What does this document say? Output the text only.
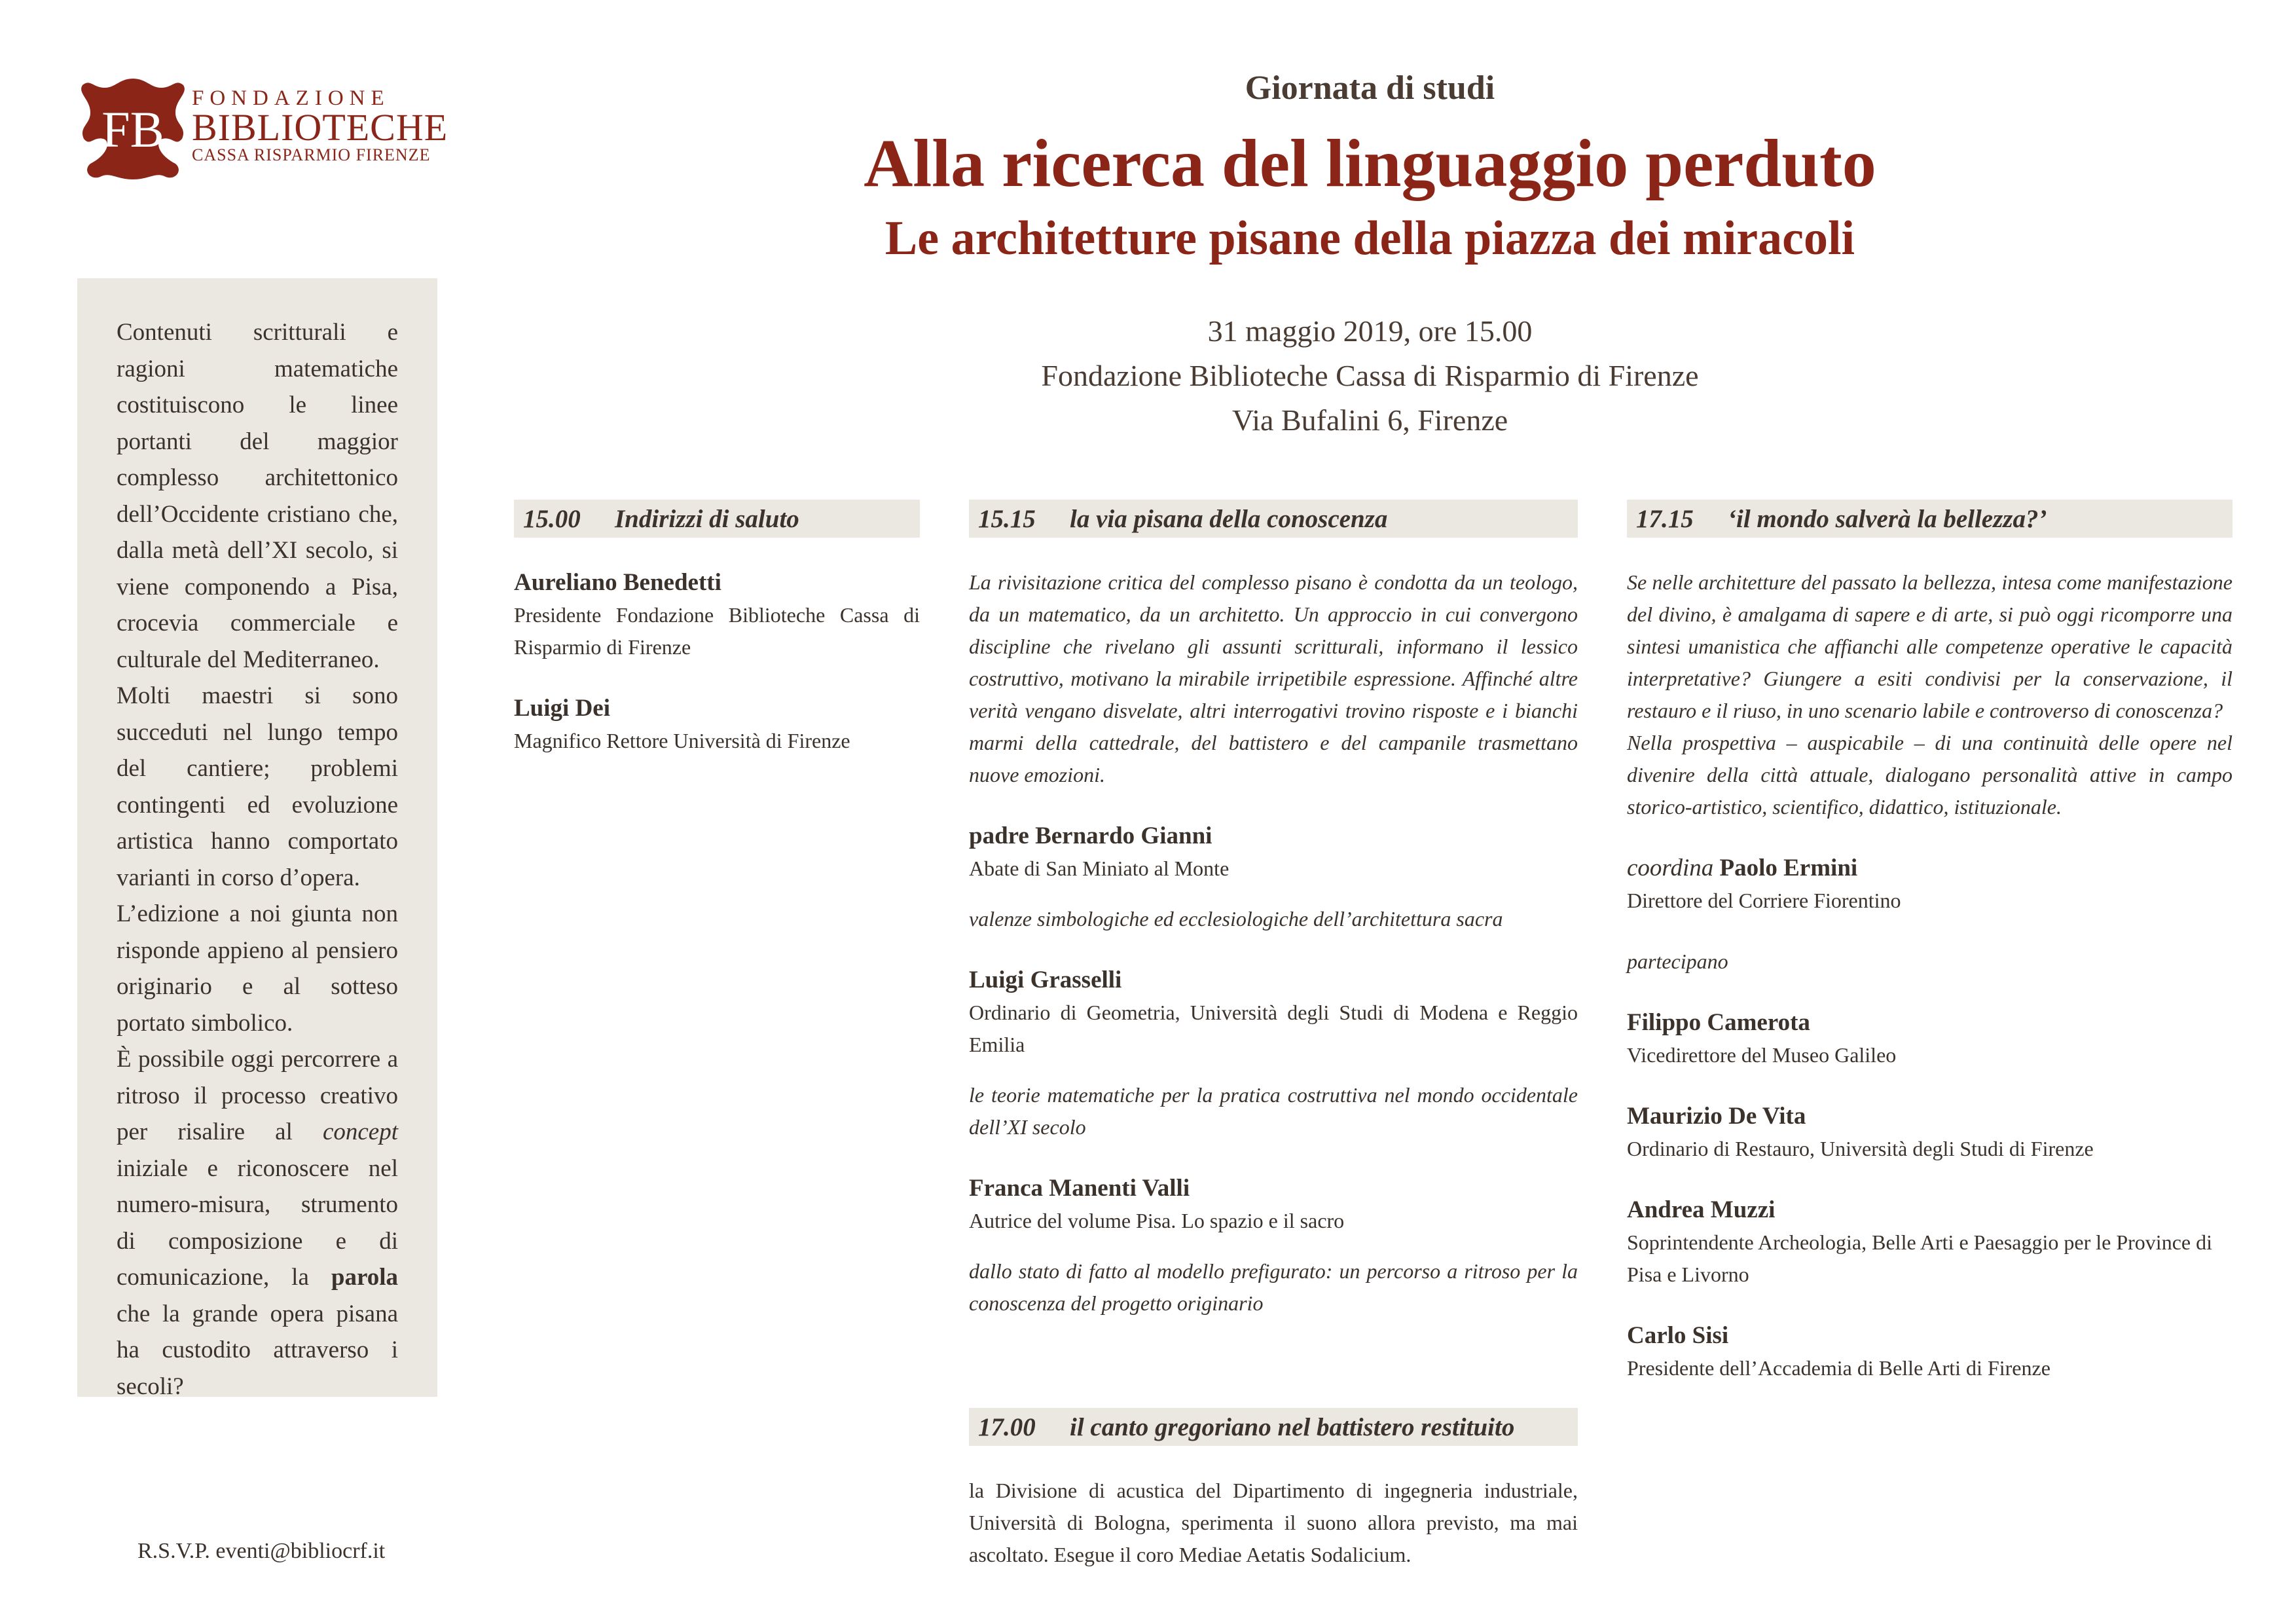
FB
FONDAZIONE
BIBLIOTECHE
CASSA RISPARMIO FIRENZE
Giornata di studi
Alla ricerca del linguaggio perduto
Le architetture pisane della piazza dei miracoli
31 maggio 2019, ore 15.00
Fondazione Biblioteche Cassa di Risparmio di Firenze
Via Bufalini 6, Firenze

Contenuti scritturali e ragioni matematiche costituiscono le linee portanti del maggior complesso architettonico dell’Occidente cristiano che, dalla metà dell’XI secolo, si viene componendo a Pisa, crocevia commerciale e culturale del Mediterraneo.

Molti maestri si sono succeduti nel lungo tempo del cantiere; problemi contingenti ed evoluzione artistica hanno comportato varianti in corso d’opera.

L’edizione a noi giunta non risponde appieno al pensiero originario e al sotteso portato simbolico.

È possibile oggi percorrere a ritroso il processo creativo per risalire al concept iniziale e riconoscere nel numero-misura, strumento di composizione e di comunicazione, la parola che la grande opera pisana ha custodito attraverso i secoli?

R.S.V.P. eventi@bibliocrf.it
15.00	Indirizzi di saluto

Aureliano Benedetti

Presidente Fondazione Biblioteche Cassa di Risparmio di Firenze

Luigi Dei

Magnifico Rettore Università di Firenze

15.15	la via pisana della conoscenza

La rivisitazione critica del complesso pisano è condotta da un teologo, da un matematico, da un architetto. Un approccio in cui convergono discipline che rivelano gli assunti scritturali, informano il lessico costruttivo, motivano la mirabile irripetibile espressione. Affinché altre verità vengano disvelate, altri interrogativi trovino risposte e i bianchi marmi della cattedrale, del battistero e del campanile trasmettano nuove emozioni.

padre Bernardo Gianni

Abate di San Miniato al Monte

valenze simbologiche ed ecclesiologiche dell’architettura sacra

Luigi Grasselli

Ordinario di Geometria, Università degli Studi di Modena e Reggio Emilia

le teorie matematiche per la pratica costruttiva nel mondo occidentale dell’XI secolo

Franca Manenti Valli

Autrice del volume Pisa. Lo spazio e il sacro

dallo stato di fatto al modello prefigurato: un percorso a ritroso per la conoscenza del progetto originario

17.00	il canto gregoriano nel battistero restituito

la Divisione di acustica del Dipartimento di ingegneria industriale, Università di Bologna, sperimenta il suono allora previsto, ma mai ascoltato. Esegue il coro Mediae Aetatis Sodalicium.

17.15	‘il mondo salverà la bellezza?’

Se nelle architetture del passato la bellezza, intesa come manifestazione del divino, è amalgama di sapere e di arte, si può oggi ricomporre una sintesi umanistica che affianchi alle competenze operative le capacità interpretative? Giungere a esiti condivisi per la conservazione, il restauro e il riuso, in uno scenario labile e controverso di conoscenza?

Nella prospettiva – auspicabile – di una continuità delle opere nel divenire della città attuale, dialogano personalità attive in campo storico-artistico, scientifico, didattico, istituzionale.

coordina Paolo Ermini

Direttore del Corriere Fiorentino

partecipano

Filippo Camerota

Vicedirettore del Museo Galileo

Maurizio De Vita

Ordinario di Restauro, Università degli Studi di Firenze

Andrea Muzzi

Soprintendente Archeologia, Belle Arti e Paesaggio per le Province di Pisa e Livorno

Carlo Sisi

Presidente dell’Accademia di Belle Arti di Firenze
